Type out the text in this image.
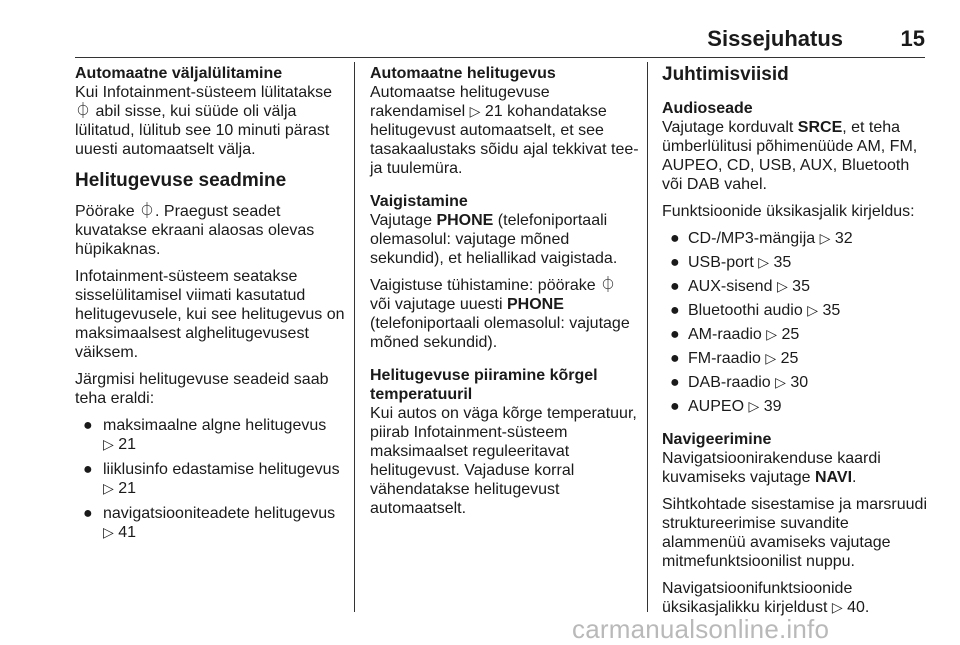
Sissejuhatus	15
Automaatne väljalülitamine

Kui Infotainment-süsteem lülitatakse ⏀ abil sisse, kui süüde oli välja lülitatud, lülitub see 10 minuti pärast uuesti automaatselt välja.

Helitugevuse seadmine

Pöörake ⏀. Praegust seadet kuvatakse ekraani alaosas olevas hüpikaknas.

Infotainment-süsteem seatakse sisselülitamisel viimati kasutatud helitugevusele, kui see helitugevus on maksimaalsest alghelitugevusest väiksem.

Järgmisi helitugevuse seadeid saab teha eraldi:

● maksimaalne algne helitugevus
▷ 21
● liiklusinfo edastamise helitugevus ▷ 21
● navigatsiooniteadete helitugevus
▷ 41
Automaatne helitugevus

Automaatse helitugevuse rakendamisel ▷ 21 kohandatakse helitugevust automaatselt, et see tasakaalustaks sõidu ajal tekkivat tee- ja tuulemüra.

Vaigistamine

Vajutage PHONE (telefoniportaali olemasolul: vajutage mõned sekundid), et heliallikad vaigistada.

Vaigistuse tühistamine: pöörake ⏀ või vajutage uuesti PHONE (telefoniportaali olemasolul: vajutage mõned sekundid).

Helitugevuse piiramine kõrgel temperatuuril

Kui autos on väga kõrge temperatuur, piirab Infotainment-süsteem maksimaalset reguleeritavat helitugevust. Vajaduse korral vähendatakse helitugevust automaatselt.

Juhtimisviisid
Audioseade

Vajutage korduvalt SRCE, et teha ümberlülitusi põhimenüüde AM, FM, AUPEO, CD, USB, AUX, Bluetooth või DAB vahel.

Funktsioonide üksikasjalik kirjeldus:

● CD-/MP3-mängija ▷ 32
● USB-port ▷ 35
● AUX-sisend ▷ 35
● Bluetoothi audio ▷ 35
● AM-raadio ▷ 25
● FM-raadio ▷ 25
● DAB-raadio ▷ 30
● AUPEO ▷ 39
Navigeerimine

Navigatsioonirakenduse kaardi kuvamiseks vajutage NAVI.

Sihtkohtade sisestamise ja marsruudi struktureerimise suvandite alammenüü avamiseks vajutage mitmefunktsioonilist nuppu.

Navigatsioonifunktsioonide üksikasjalikku kirjeldust ▷ 40.

carmanualsonline.info
